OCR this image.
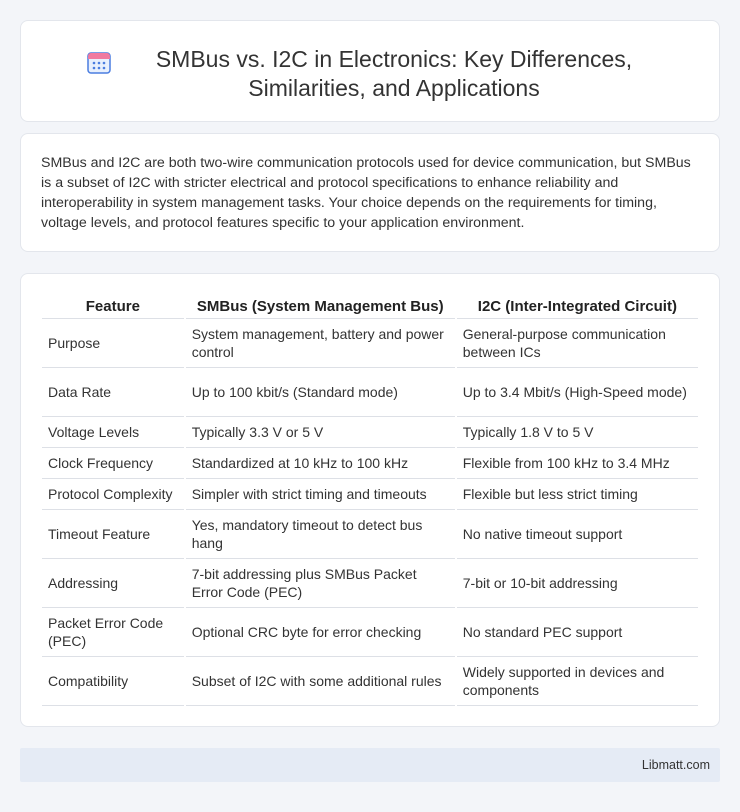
SMBus vs. I2C in Electronics: Key Differences, Similarities, and Applications

SMBus and I2C are both two-wire communication protocols used for device communication, but SMBus is a subset of I2C with stricter electrical and protocol specifications to enhance reliability and interoperability in system management tasks. Your choice depends on the requirements for timing, voltage levels, and protocol features specific to your application environment.

Feature	SMBus (System Management Bus)	I2C (Inter-Integrated Circuit)
Purpose	System management, battery and power control	General-purpose communication between ICs
Data Rate	Up to 100 kbit/s (Standard mode)	Up to 3.4 Mbit/s (High-Speed mode)
Voltage Levels	Typically 3.3 V or 5 V	Typically 1.8 V to 5 V
Clock Frequency	Standardized at 10 kHz to 100 kHz	Flexible from 100 kHz to 3.4 MHz
Protocol Complexity	Simpler with strict timing and timeouts	Flexible but less strict timing
Timeout Feature	Yes, mandatory timeout to detect bus hang	No native timeout support
Addressing	7-bit addressing plus SMBus Packet Error Code (PEC)	7-bit or 10-bit addressing
Packet Error Code (PEC)	Optional CRC byte for error checking	No standard PEC support
Compatibility	Subset of I2C with some additional rules	Widely supported in devices and components
Libmatt.com
